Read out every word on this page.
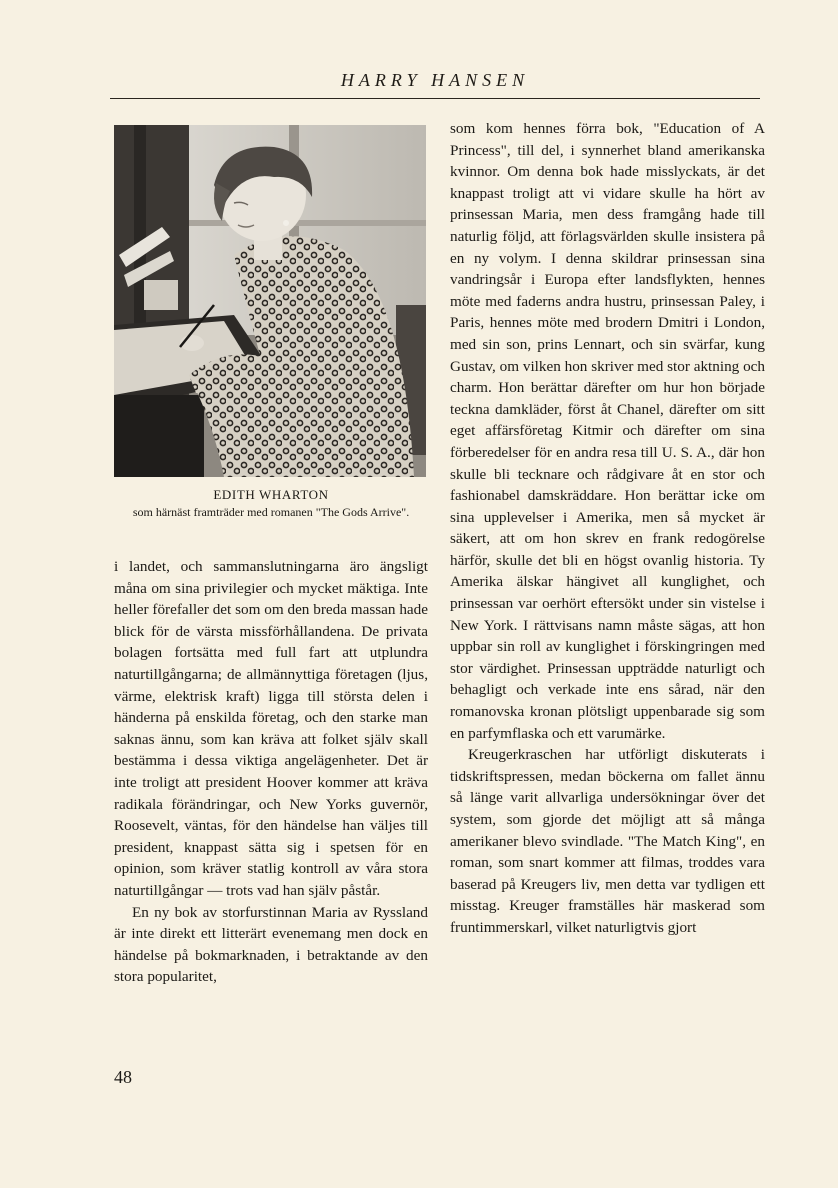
HARRY HANSEN
EDITH WHARTON
som härnäst framträder med romanen "The Gods Arrive".

i landet, och sammanslutningarna äro ängsligt måna om sina privilegier och mycket mäktiga. Inte heller förefaller det som om den breda massan hade blick för de värsta missförhållandena. De privata bolagen fortsätta med full fart att utplundra naturtillgångarna; de allmännyttiga företagen (ljus, värme, elektrisk kraft) ligga till största delen i händerna på enskilda företag, och den starke man saknas ännu, som kan kräva att folket själv skall bestämma i dessa viktiga angelägenheter. Det är inte troligt att president Hoover kommer att kräva radikala förändringar, och New Yorks guvernör, Roosevelt, väntas, för den händelse han väljes till president, knappast sätta sig i spetsen för en opinion, som kräver statlig kontroll av våra stora naturtillgångar — trots vad han själv påstår.

En ny bok av storfurstinnan Maria av Ryssland är inte direkt ett litterärt evenemang men dock en händelse på bokmarknaden, i betraktande av den stora popularitet,

som kom hennes förra bok, "Education of A Princess", till del, i synnerhet bland amerikanska kvinnor. Om denna bok hade misslyckats, är det knappast troligt att vi vidare skulle ha hört av prinsessan Maria, men dess framgång hade till naturlig följd, att förlagsvärlden skulle insistera på en ny volym. I denna skildrar prinsessan sina vandringsår i Europa efter landsflykten, hennes möte med faderns andra hustru, prinsessan Paley, i Paris, hennes möte med brodern Dmitri i London, med sin son, prins Lennart, och sin svärfar, kung Gustav, om vilken hon skriver med stor aktning och charm. Hon berättar därefter om hur hon började teckna damkläder, först åt Chanel, därefter om sitt eget affärsföretag Kitmir och därefter om sina förberedelser för en andra resa till U. S. A., där hon skulle bli tecknare och rådgivare åt en stor och fashionabel damskräddare. Hon berättar icke om sina upplevelser i Amerika, men så mycket är säkert, att om hon skrev en frank redogörelse härför, skulle det bli en högst ovanlig historia. Ty Amerika älskar hängivet all kunglighet, och prinsessan var oerhört eftersökt under sin vistelse i New York. I rättvisans namn måste sägas, att hon uppbar sin roll av kunglighet i förskingringen med stor värdighet. Prinsessan uppträdde naturligt och behagligt och verkade inte ens sårad, när den romanovska kronan plötsligt uppenbarade sig som en parfymflaska och ett varumärke.

Kreugerkraschen har utförligt diskuterats i tidskriftspressen, medan böckerna om fallet ännu så länge varit allvarliga undersökningar över det system, som gjorde det möjligt att så många amerikaner blevo svindlade. "The Match King", en roman, som snart kommer att filmas, troddes vara baserad på Kreugers liv, men detta var tydligen ett misstag. Kreuger framställes här maskerad som fruntimmerskarl, vilket naturligtvis gjort

48
